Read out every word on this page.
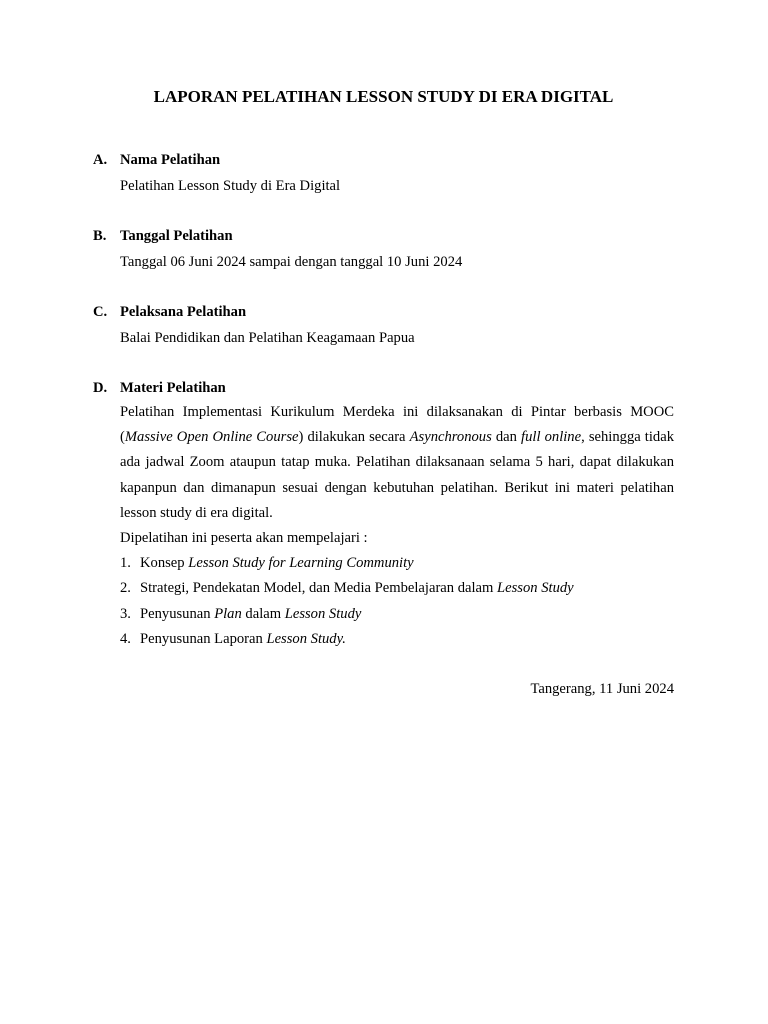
LAPORAN PELATIHAN LESSON STUDY DI ERA DIGITAL
A. Nama Pelatihan
Pelatihan Lesson Study di Era Digital
B. Tanggal Pelatihan
Tanggal 06 Juni 2024 sampai dengan tanggal 10 Juni 2024
C. Pelaksana Pelatihan
Balai Pendidikan dan Pelatihan Keagamaan Papua
D. Materi Pelatihan

Pelatihan Implementasi Kurikulum Merdeka ini dilaksanakan di Pintar berbasis MOOC (Massive Open Online Course) dilakukan secara Asynchronous dan full online, sehingga tidak ada jadwal Zoom ataupun tatap muka. Pelatihan dilaksanaan selama 5 hari, dapat dilakukan kapanpun dan dimanapun sesuai dengan kebutuhan pelatihan. Berikut ini materi pelatihan lesson study di era digital.

Dipelatihan ini peserta akan mempelajari :

1. Konsep Lesson Study for Learning Community
2. Strategi, Pendekatan Model, dan Media Pembelajaran dalam Lesson Study
3. Penyusunan Plan dalam Lesson Study
4. Penyusunan Laporan Lesson Study.
Tangerang, 11 Juni 2024
